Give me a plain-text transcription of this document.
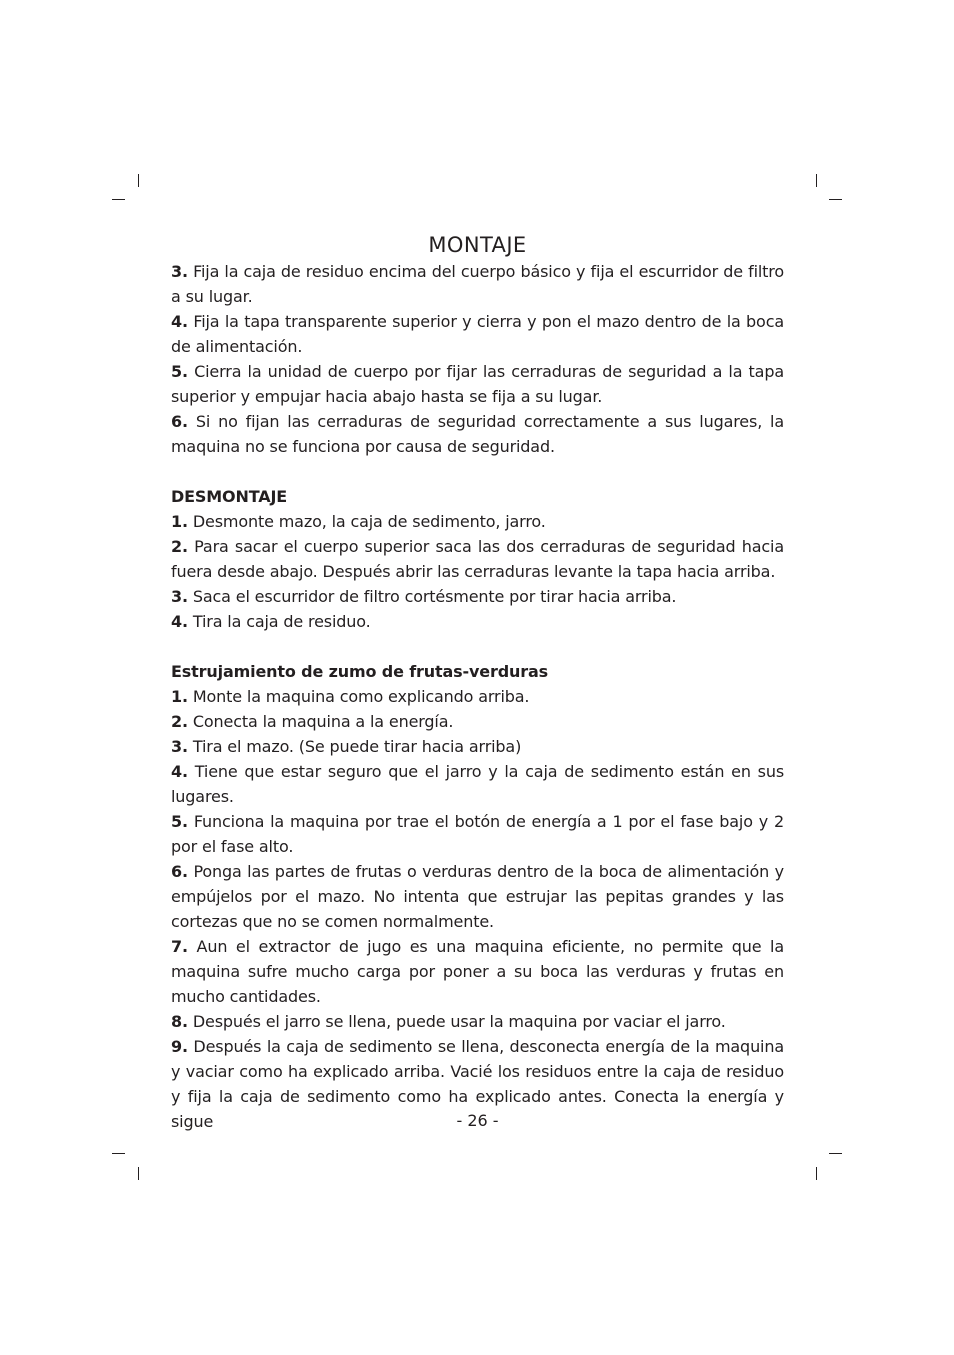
MONTAJE

3. Fija la caja de residuo encima del cuerpo básico y fija el escurridor de filtro a su lugar.

4. Fija la tapa transparente superior y cierra y pon el mazo dentro de la boca de alimentación.

5. Cierra la unidad de cuerpo por fijar las cerraduras de seguridad a la tapa superior y empujar hacia abajo hasta se fija a su lugar.

6. Si no fijan las cerraduras de seguridad correctamente a sus lugares, la maquina no se funciona por causa de seguridad.

DESMONTAJE

1. Desmonte mazo, la caja de sedimento, jarro.

2. Para sacar el cuerpo superior saca las dos cerraduras de seguridad hacia fuera desde abajo. Después abrir las cerraduras levante la tapa hacia arriba.

3. Saca el escurridor de filtro cortésmente por tirar hacia arriba.

4. Tira la caja de residuo.

Estrujamiento de zumo de frutas-verduras

1. Monte la maquina como explicando arriba.

2. Conecta la maquina a la energía.

3. Tira el mazo. (Se puede tirar hacia arriba)

4. Tiene que estar seguro que el jarro y la caja de sedimento están en sus lugares.

5. Funciona la maquina por trae el botón de energía a 1 por el fase bajo y 2 por el fase alto.

6. Ponga las partes de frutas o verduras dentro de la boca de alimentación y empújelos por el mazo. No intenta que estrujar las pepitas grandes y las cortezas que no se comen normalmente.

7. Aun el extractor de jugo es una maquina eficiente, no permite que la maquina sufre mucho carga por poner a su boca las verduras y frutas en mucho cantidades.

8. Después el jarro se llena, puede usar la maquina por vaciar el jarro.

9. Después la caja de sedimento se llena, desconecta energía de la maquina y vaciar como ha explicado arriba. Vacié los residuos entre la caja de residuo y fija la caja de sedimento como ha explicado antes. Conecta la energía y sigue	- 26 -
